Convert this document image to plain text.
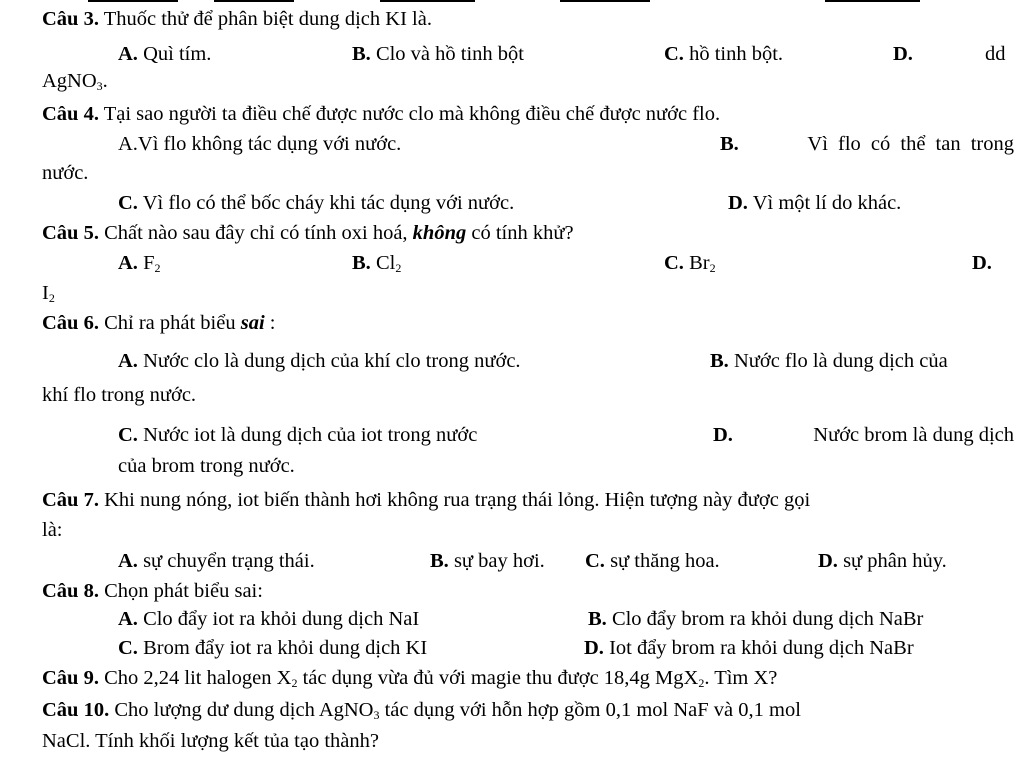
Câu 3. Thuốc thử để phân biệt dung dịch KI là.
A. Quì tím.	B. Clo và hồ tinh bột	C. hồ tinh bột.	D.	dd
AgNO$_3$.
Câu 4. Tại sao người ta điều chế được nước clo mà không điều chế được nước flo.
A.Vì flo không tác dụng với nước.	B.	Vì flo có thể tan trong
nước.
C. Vì flo có thể bốc cháy khi tác dụng với nước.	D. Vì một lí do khác.
Câu 5. Chất nào sau đây chỉ có tính oxi hoá, không có tính khử?
A. $F_2$	B. $Cl_2$	C. $Br_2$	D.
$I_2$
Câu 6. Chỉ ra phát biểu sai :
A. Nước clo là dung dịch của khí clo trong nước.	B. Nước flo là dung dịch của
khí flo trong nước.
C. Nước iot là dung dịch của iot trong nước	D.	Nước brom là dung dịch
của brom trong nước.
Câu 7. Khi nung nóng, iot biến thành hơi không rua trạng thái lỏng. Hiện tượng này được gọi
là:
A. sự chuyển trạng thái.	B. sự bay hơi. C. sự thăng hoa.	D. sự phân hủy.
Câu 8. Chọn phát biểu sai:
A. Clo đẩy iot ra khỏi dung dịch NaI	B. Clo đẩy brom ra khỏi dung dịch NaBr
C. Brom đẩy iot ra khỏi dung dịch KI	D. Iot đẩy brom ra khỏi dung dịch NaBr
Câu 9. Cho 2,24 lit halogen $X_2$ tác dụng vừa đủ với magie thu được 18,4g MgX$_2$. Tìm X?
Câu 10. Cho lượng dư dung dịch AgNO$_3$ tác dụng với hỗn hợp gồm 0,1 mol NaF và 0,1 mol
NaCl. Tính khối lượng kết tủa tạo thành?
